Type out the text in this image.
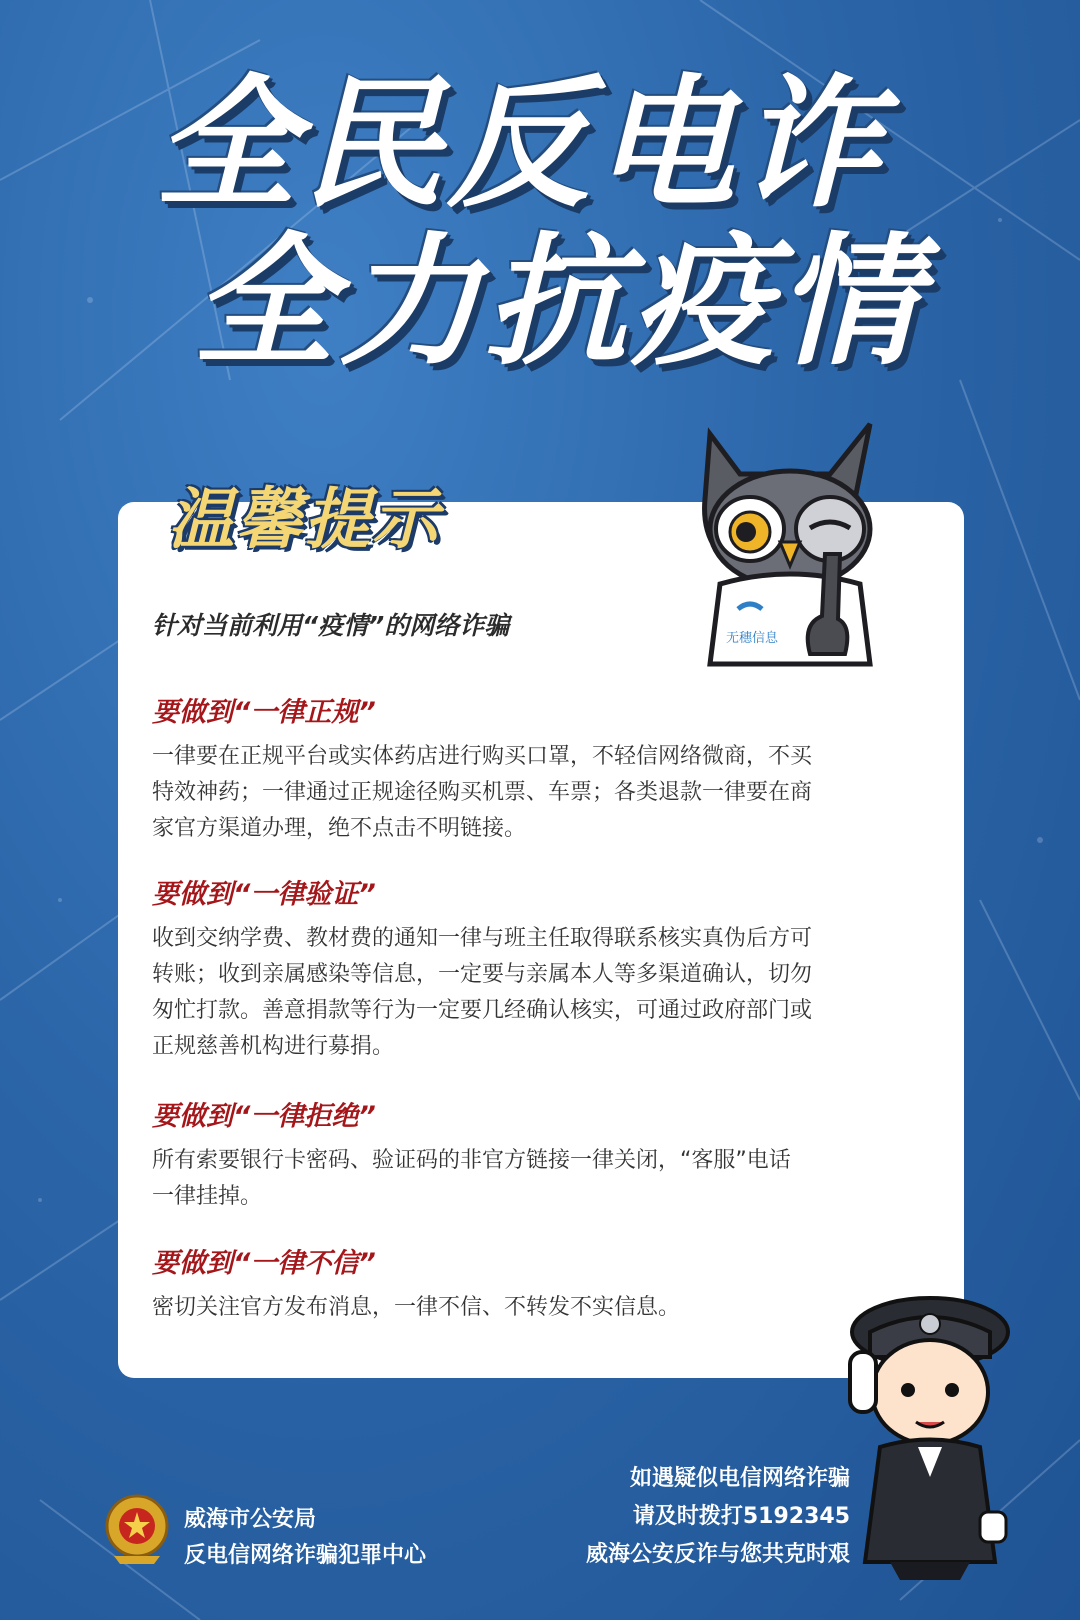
全民反电诈
全力抗疫情
温馨提示
无穗信息
针对当前利用“疫情”的网络诈骗

要做到“一律正规”

一律要在正规平台或实体药店进行购买口罩，不轻信网络微商，不买
特效神药；一律通过正规途径购买机票、车票；各类退款一律要在商
家官方渠道办理，绝不点击不明链接。

要做到“一律验证”

收到交纳学费、教材费的通知一律与班主任取得联系核实真伪后方可
转账；收到亲属感染等信息，一定要与亲属本人等多渠道确认，切勿
匆忙打款。善意捐款等行为一定要几经确认核实，可通过政府部门或
正规慈善机构进行募捐。

要做到“一律拒绝”

所有索要银行卡密码、验证码的非官方链接一律关闭，“客服”电话
一律挂掉。

要做到“一律不信”

密切关注官方发布消息，一律不信、不转发不实信息。

威海市公安局
反电信网络诈骗犯罪中心
如遇疑似电信网络诈骗
请及时拨打5192345
威海公安反诈与您共克时艰
